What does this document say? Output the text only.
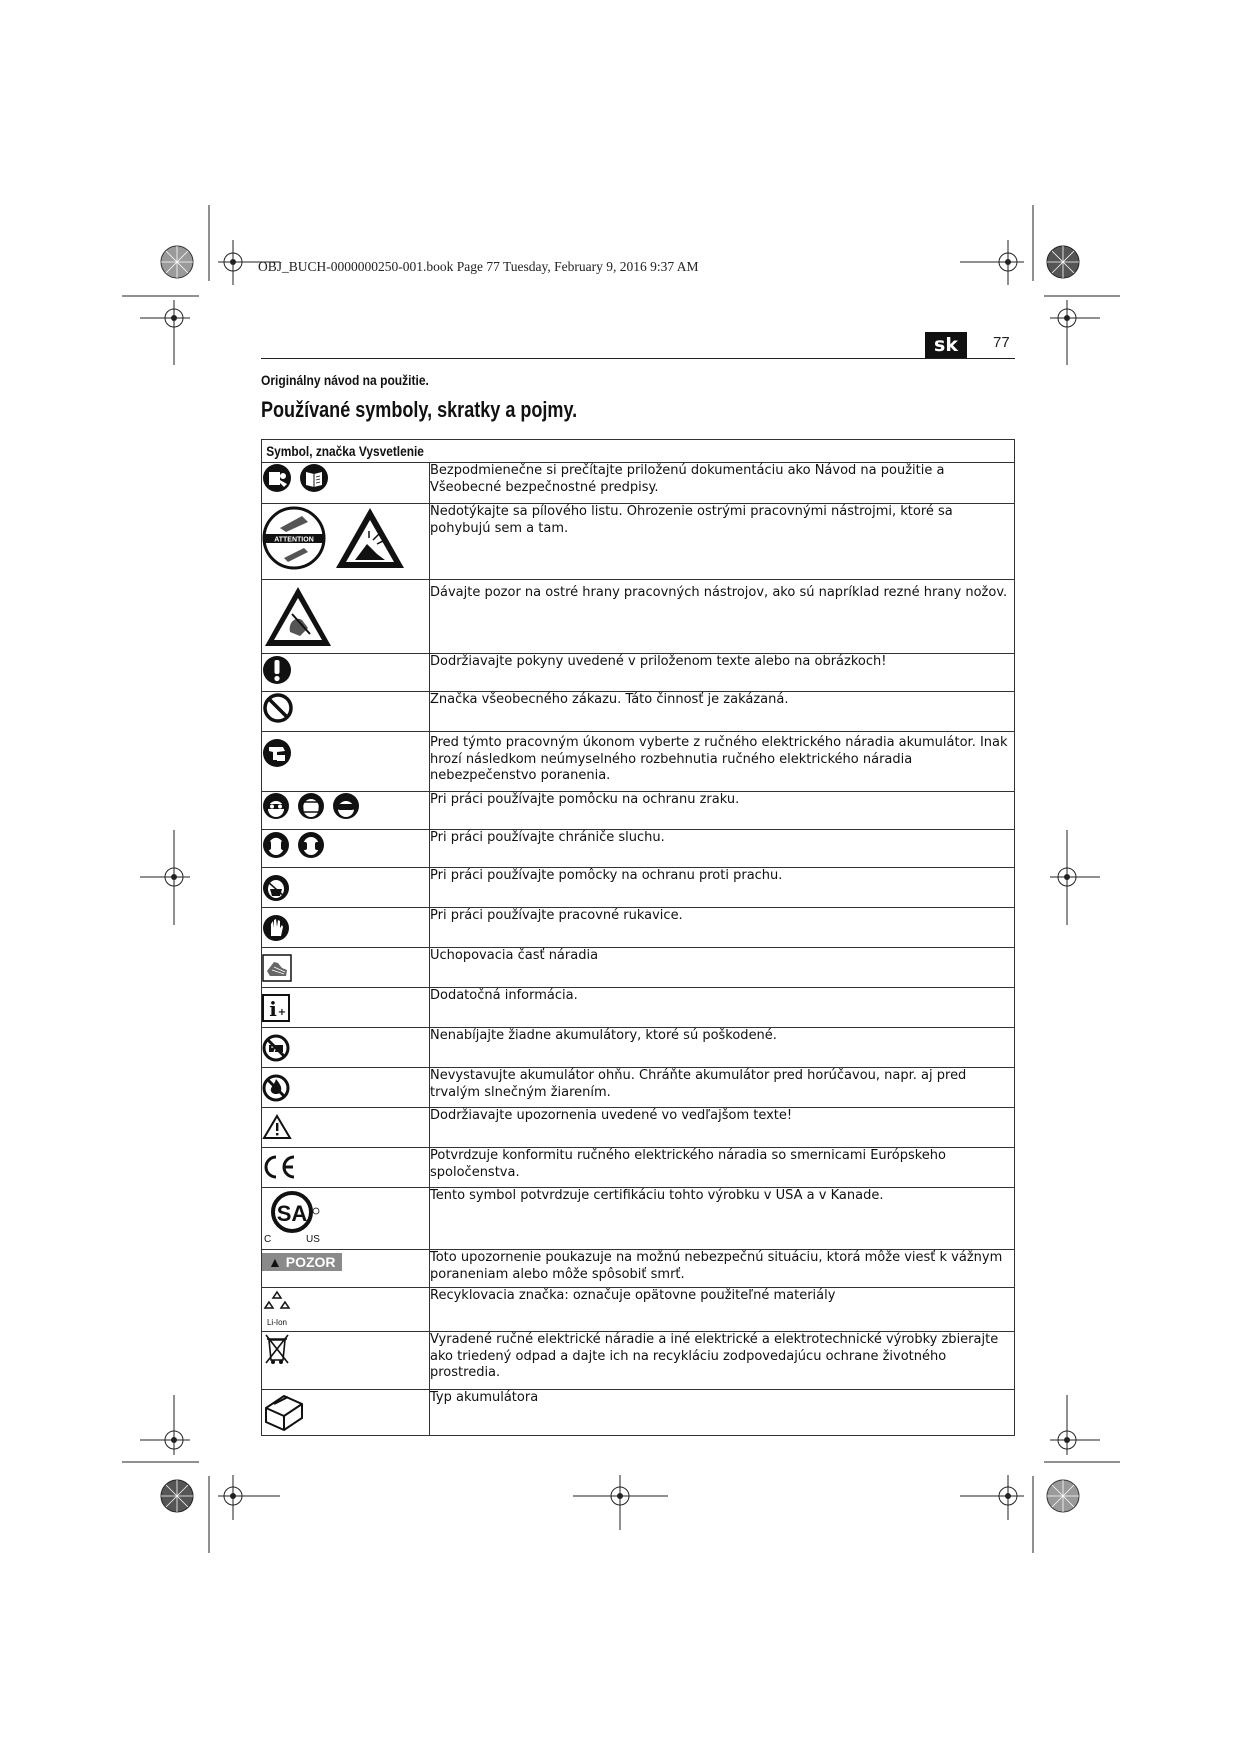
OBJ_BUCH-0000000250-001.book Page 77 Tuesday, February 9, 2016 9:37 AM
sk	77
Originálny návod na použitie.
Používané symboly, skratky a pojmy.
Symbol, značka Vysvetlenie	

	Bezpodmienečne si prečítajte priloženú dokumentáciu ako Návod na použitie a Všeobecné bezpečnostné predpisy.

ATTENTION	Nedotýkajte sa pílového listu. Ohrozenie ostrými pracovnými nástrojmi, ktoré sa pohybujú sem a tam.

	Dávajte pozor na ostré hrany pracovných nástrojov, ako sú napríklad rezné hrany nožov.

	Dodržiavajte pokyny uvedené v priloženom texte alebo na obrázkoch!

	Značka všeobecného zákazu. Táto činnosť je zakázaná.

	Pred týmto pracovným úkonom vyberte z ručného elektrického náradia akumulátor. Inak hrozí následkom neúmyselného rozbehnutia ručného elektrického náradia nebezpečenstvo poranenia.

	Pri práci používajte pomôcku na ochranu zraku.

	Pri práci používajte chrániče sluchu.

	Pri práci používajte pomôcky na ochranu proti prachu.

	Pri práci používajte pracovné rukavice.

	Uchopovacia časť náradia

i +	Dodatočná informácia.

	Nenabíjajte žiadne akumulátory, ktoré sú poškodené.

	Nevystavujte akumulátor ohňu. Chráňte akumulátor pred horúčavou, napr. aj pred trvalým slnečným žiarením.

	Dodržiavajte upozornenia uvedené vo vedľajšom texte!

	Potvrdzuje konformitu ručného elektrického náradia so smernicami Európskeho spoločenstva.

SA
C US	Tento symbol potvrdzuje certifikáciu tohto výrobku v USA a v Kanade.
▲ POZOR	Toto upozornenie poukazuje na možnú nebezpečnú situáciu, ktorá môže viesť k vážnym poraneniam alebo môže spôsobiť smrť.

Li-Ion	Recyklovacia značka: označuje opätovne použiteľné materiály

	Vyradené ručné elektrické náradie a iné elektrické a elektrotechnické výrobky zbierajte ako triedený odpad a dajte ich na recykláciu zodpovedajúcu ochrane životného prostredia.

	Typ akumulátora
